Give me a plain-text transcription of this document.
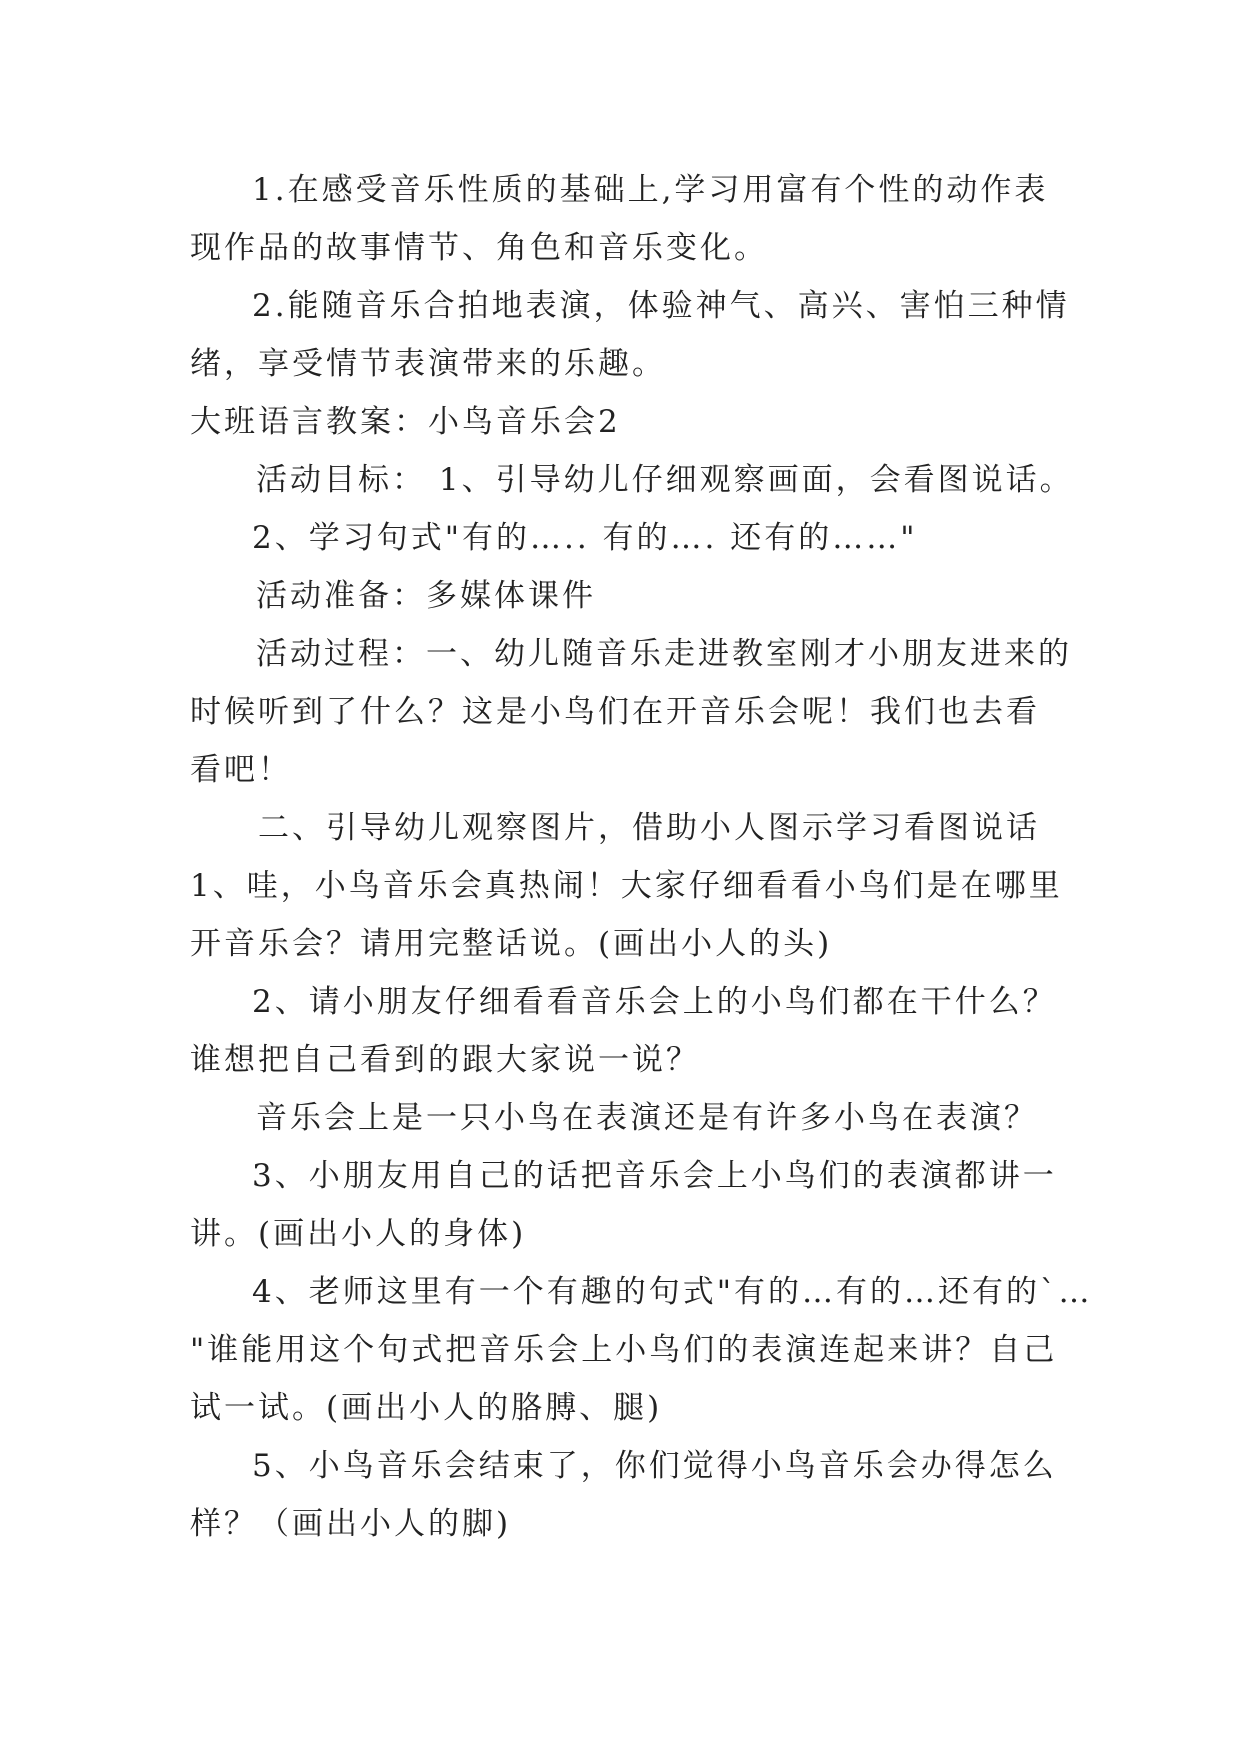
1.在感受音乐性质的基础上,学习用富有个性的动作表
现作品的故事情节、角色和音乐变化。
2.能随音乐合拍地表演，体验神气、高兴、害怕三种情
绪，享受情节表演带来的乐趣。
大班语言教案：小鸟音乐会2
活动目标： 1、引导幼儿仔细观察画面，会看图说话。
2、学习句式"有的….. 有的…. 还有的……"
活动准备：多媒体课件
活动过程：一、幼儿随音乐走进教室刚才小朋友进来的
时候听到了什么？这是小鸟们在开音乐会呢！我们也去看
看吧！
二、引导幼儿观察图片，借助小人图示学习看图说话
1、哇，小鸟音乐会真热闹！大家仔细看看小鸟们是在哪里
开音乐会？请用完整话说。(画出小人的头)
2、请小朋友仔细看看音乐会上的小鸟们都在干什么？
谁想把自己看到的跟大家说一说？
音乐会上是一只小鸟在表演还是有许多小鸟在表演？
3、小朋友用自己的话把音乐会上小鸟们的表演都讲一
讲。(画出小人的身体)
4、老师这里有一个有趣的句式"有的…有的…还有的`…
"谁能用这个句式把音乐会上小鸟们的表演连起来讲？自己
试一试。(画出小人的胳膊、腿)
5、小鸟音乐会结束了，你们觉得小鸟音乐会办得怎么
样？（画出小人的脚)
